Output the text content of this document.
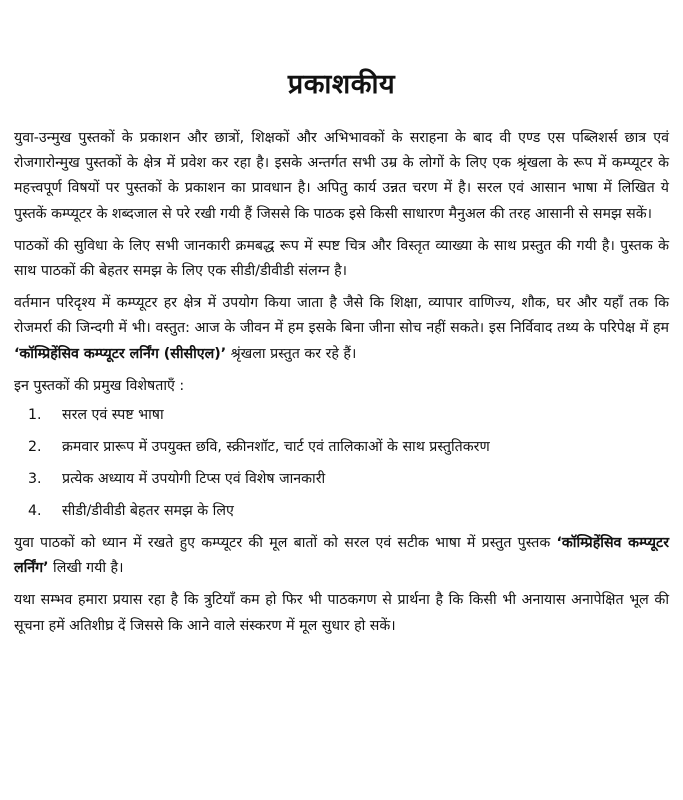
प्रकाशकीय

युवा-उन्मुख पुस्तकों के प्रकाशन और छात्रों, शिक्षकों और अभिभावकों के सराहना के बाद वी एण्ड एस पब्लिशर्स छात्र एवं रोजगारोन्मुख पुस्तकों के क्षेत्र में प्रवेश कर रहा है। इसके अन्तर्गत सभी उम्र के लोगों के लिए एक श्रृंखला के रूप में कम्प्यूटर के महत्त्वपूर्ण विषयों पर पुस्तकों के प्रकाशन का प्रावधान है। अपितु कार्य उन्नत चरण में है। सरल एवं आसान भाषा में लिखित ये पुस्तकें कम्प्यूटर के शब्दजाल से परे रखी गयी हैं जिससे कि पाठक इसे किसी साधारण मैनुअल की तरह आसानी से समझ सकें।

पाठकों की सुविधा के लिए सभी जानकारी क्रमबद्ध रूप में स्पष्ट चित्र और विस्तृत व्याख्या के साथ प्रस्तुत की गयी है। पुस्तक के साथ पाठकों की बेहतर समझ के लिए एक सीडी/डीवीडी संलग्न है।

वर्तमान परिदृश्य में कम्प्यूटर हर क्षेत्र में उपयोग किया जाता है जैसे कि शिक्षा, व्यापार वाणिज्य, शौक, घर और यहाँ तक कि रोजमर्रा की जिन्दगी में भी। वस्तुत: आज के जीवन में हम इसके बिना जीना सोच नहीं सकते। इस निर्विवाद तथ्य के परिपेक्ष में हम ‘कॉम्प्रिहेंसिव कम्प्यूटर लर्निंग (सीसीएल)’ श्रृंखला प्रस्तुत कर रहे हैं।

इन पुस्तकों की प्रमुख विशेषताएँ :

1.	सरल एवं स्पष्ट भाषा
2.	क्रमवार प्रारूप में उपयुक्त छवि, स्क्रीनशॉट, चार्ट एवं तालिकाओं के साथ प्रस्तुतिकरण
3.	प्रत्येक अध्याय में उपयोगी टिप्स एवं विशेष जानकारी
4.	सीडी/डीवीडी बेहतर समझ के लिए

युवा पाठकों को ध्यान में रखते हुए कम्प्यूटर की मूल बातों को सरल एवं सटीक भाषा में प्रस्तुत पुस्तक ‘कॉम्प्रिहेंसिव कम्प्यूटर लर्निंग’ लिखी गयी है।

यथा सम्भव हमारा प्रयास रहा है कि त्रुटियाँ कम हो फिर भी पाठकगण से प्रार्थना है कि किसी भी अनायास अनापेक्षित भूल की सूचना हमें अतिशीघ्र दें जिससे कि आने वाले संस्करण में मूल सुधार हो सकें।
